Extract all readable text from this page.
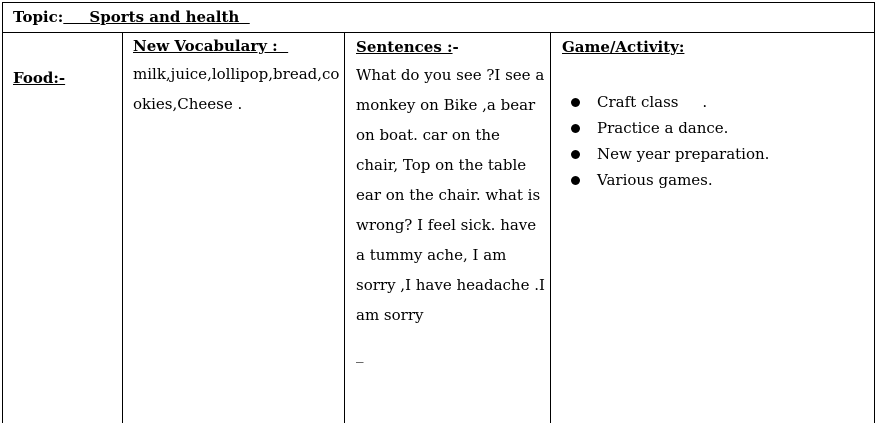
Topic:     Sports and health
Food:-
New Vocabulary :
milk,juice,lollipop,bread,cookies,Cheese .
Sentences :-
What do you see ?I see a monkey on Bike ,a bear on boat. car on the chair, Top on the table ear on the chair. what is wrong? I feel sick. have a tummy ache, I am sorry ,I have headache .I am sorry
_
Game/Activity:
Craft class     .
Practice a dance.
New year preparation.
Various games.
